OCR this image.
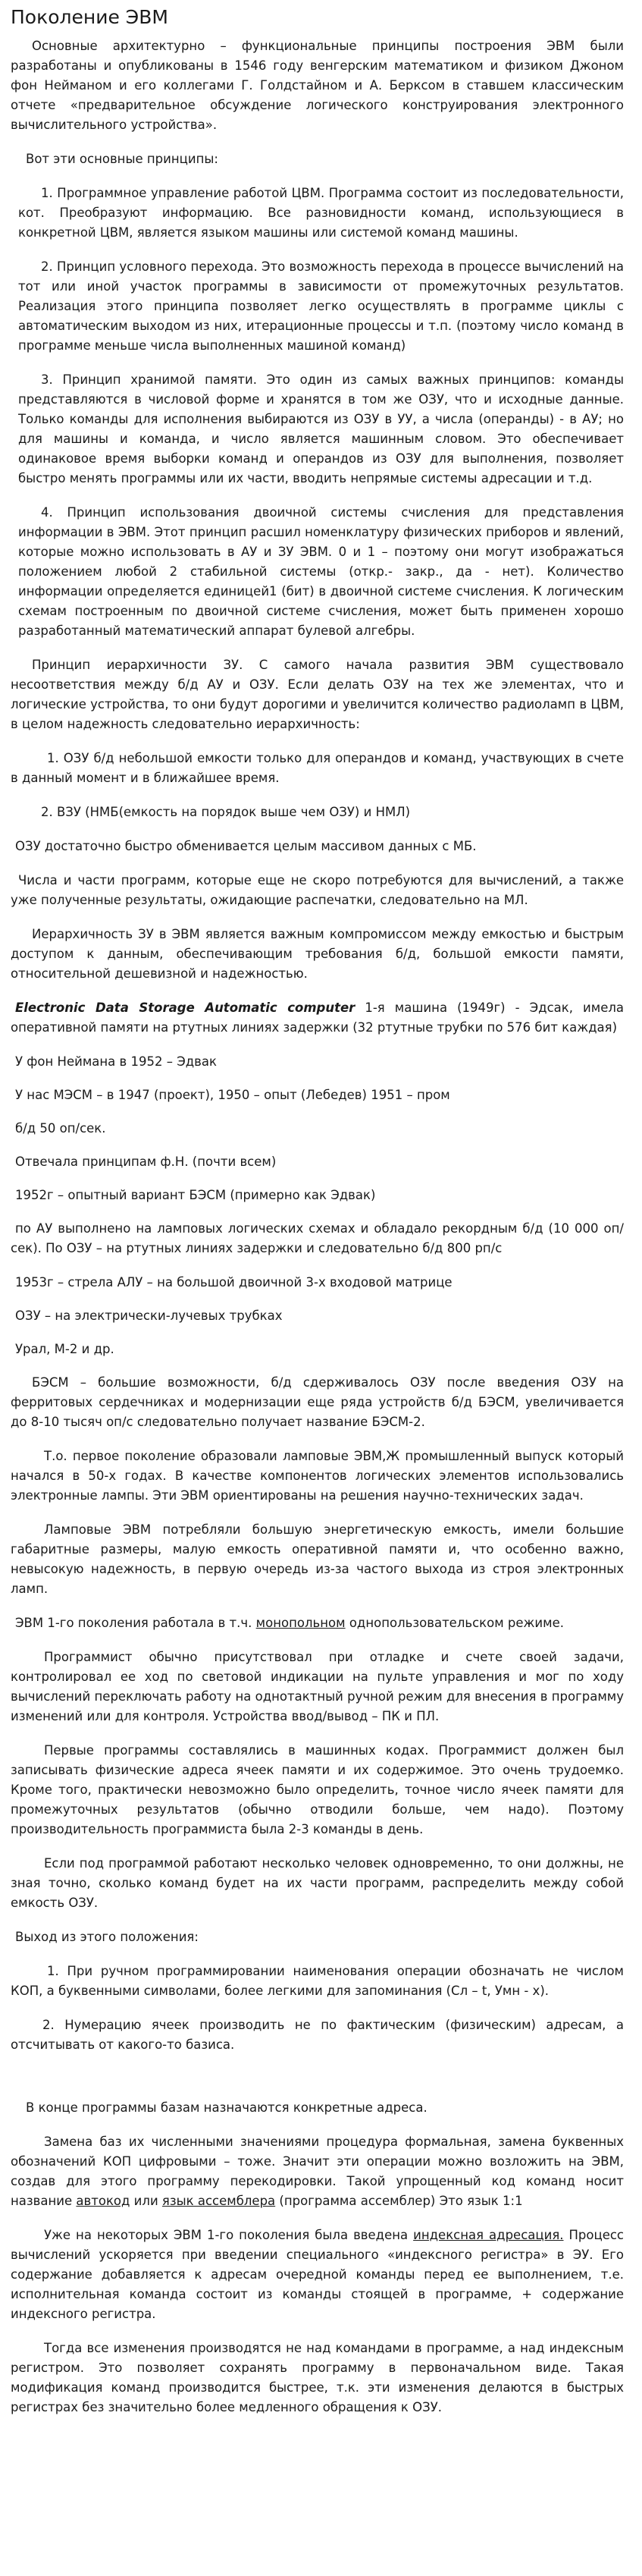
Поколение ЭВМ

Основные архитектурно – функциональные принципы построения ЭВМ были разработаны и опубликованы в 1546 году венгерским математиком и физиком Джоном фон Нейманом и его коллегами Г. Голдстайном и А. Берксом в ставшем классическим отчете «предварительное обсуждение логического конструирования электронного вычислительного устройства».

Вот эти основные принципы:

1. Программное управление работой ЦВМ. Программа состоит из последовательности, кот. Преобразуют информацию. Все разновидности команд, использующиеся в конкретной ЦВМ, является языком машины или системой команд машины.

2. Принцип условного перехода. Это возможность перехода в процессе вычислений на тот или иной участок программы в зависимости от промежуточных результатов. Реализация этого принципа позволяет легко осуществлять в программе циклы с автоматическим выходом из них, итерационные процессы и т.п. (поэтому число команд в программе меньше числа выполненных машиной команд)

3. Принцип хранимой памяти. Это один из самых важных принципов: команды представляются в числовой форме и хранятся в том же ОЗУ, что и исходные данные. Только команды для исполнения выбираются из ОЗУ в УУ, а числа (операнды) - в АУ; но для машины и команда, и число является машинным словом. Это обеспечивает одинаковое время выборки команд и операндов из ОЗУ для выполнения, позволяет быстро менять программы или их части, вводить непрямые системы адресации и т.д.

4. Принцип использования двоичной системы счисления для представления информации в ЭВМ. Этот принцип расшил номенклатуру физических приборов и явлений, которые можно использовать в АУ и ЗУ ЭВМ. 0 и 1 – поэтому они могут изображаться положением любой 2 стабильной системы (откр.- закр., да - нет). Количество информации определяется единицей1 (бит) в двоичной системе счисления. К логическим схемам построенным по двоичной системе счисления, может быть применен хорошо разработанный математический аппарат булевой алгебры.

Принцип иерархичности ЗУ. С самого начала развития ЭВМ существовало несоответствия между б/д АУ и ОЗУ. Если делать ОЗУ на тех же элементах, что и логические устройства, то они будут дорогими и увеличится количество радиоламп в ЦВМ, в целом надежность следовательно иерархичность:

1. ОЗУ б/д небольшой емкости только для операндов и команд, участвующих в счете в данный момент и в ближайшее время.

2. ВЗУ (НМБ(емкость на порядок выше чем ОЗУ) и НМЛ)

ОЗУ достаточно быстро обменивается целым массивом данных с МБ.

Числа и части программ, которые еще не скоро потребуются для вычислений, а также уже полученные результаты, ожидающие распечатки, следовательно на МЛ.

Иерархичность ЗУ в ЭВМ является важным компромиссом между емкостью и быстрым доступом к данным, обеспечивающим требования б/д, большой емкости памяти, относительной дешевизной и надежностью.

Electronic Data Storage Automatic computer 1-я машина (1949г) - Эдсак, имела оперативной памяти на ртутных линиях задержки (32 ртутные трубки по 576 бит каждая)

У фон Неймана в 1952 – Эдвак

У нас МЭСМ – в 1947 (проект), 1950 – опыт (Лебедев) 1951 – пром

б/д 50 оп/сек.

Отвечала принципам ф.Н. (почти всем)

1952г – опытный вариант БЭСМ (примерно как Эдвак)

по АУ выполнено на ламповых логических схемах и обладало рекордным б/д (10 000 оп/сек). По ОЗУ – на ртутных линиях задержки и следовательно б/д 800 рп/с

1953г – стрела АЛУ – на большой двоичной 3-х входовой матрице

ОЗУ – на электрически-лучевых трубках

Урал, М-2 и др.

БЭСМ – большие возможности, б/д сдерживалось ОЗУ после введения ОЗУ на ферритовых сердечниках и модернизации еще ряда устройств б/д БЭСМ, увеличивается до 8-10 тысяч оп/с следовательно получает название БЭСМ-2.

Т.о. первое поколение образовали ламповые ЭВМ,Ж промышленный выпуск который начался в 50-х годах. В качестве компонентов логических элементов использовались электронные лампы. Эти ЭВМ ориентированы на решения научно-технических задач.

Ламповые ЭВМ потребляли большую энергетическую емкость, имели большие габаритные размеры, малую емкость оперативной памяти и, что особенно важно, невысокую надежность, в первую очередь из-за частого выхода из строя электронных ламп.

ЭВМ 1-го поколения работала в т.ч. монопольном однопользовательском режиме.

Программист обычно присутствовал при отладке и счете своей задачи, контролировал ее ход по световой индикации на пульте управления и мог по ходу вычислений переключать работу на однотактный ручной режим для внесения в программу изменений или для контроля. Устройства ввод/вывод – ПК и ПЛ.

Первые программы составлялись в машинных кодах. Программист должен был записывать физические адреса ячеек памяти и их содержимое. Это очень трудоемко. Кроме того, практически невозможно было определить, точное число ячеек памяти для промежуточных результатов (обычно отводили больше, чем надо). Поэтому производительность программиста была 2-3 команды в день.

Если под программой работают несколько человек одновременно, то они должны, не зная точно, сколько команд будет на их части программ, распределить между собой емкость ОЗУ.

Выход из этого положения:

1. При ручном программировании наименования операции обозначать не числом КОП, а буквенными символами, более легкими для запоминания (Cл – t, Умн - x).

2. Нумерацию ячеек производить не по фактическим (физическим) адресам, а отсчитывать от какого-то базиса.

В конце программы базам назначаются конкретные адреса.

Замена баз их численными значениями процедура формальная, замена буквенных обозначений КОП цифровыми – тоже. Значит эти операции можно возложить на ЭВМ, создав для этого программу перекодировки. Такой упрощенный код команд носит название автокод или язык ассемблера (программа ассемблер) Это язык 1:1

Уже на некоторых ЭВМ 1-го поколения была введена индексная адресация. Процесс вычислений ускоряется при введении специального «индексного регистра» в ЭУ. Его содержание добавляется к адресам очередной команды перед ее выполнением, т.е. исполнительная команда состоит из команды стоящей в программе, + содержание индексного регистра.

Тогда все изменения производятся не над командами в программе, а над индексным регистром. Это позволяет сохранять программу в первоначальном виде. Такая модификация команд производится быстрее, т.к. эти изменения делаются в быстрых регистрах без значительно более медленного обращения к ОЗУ.
